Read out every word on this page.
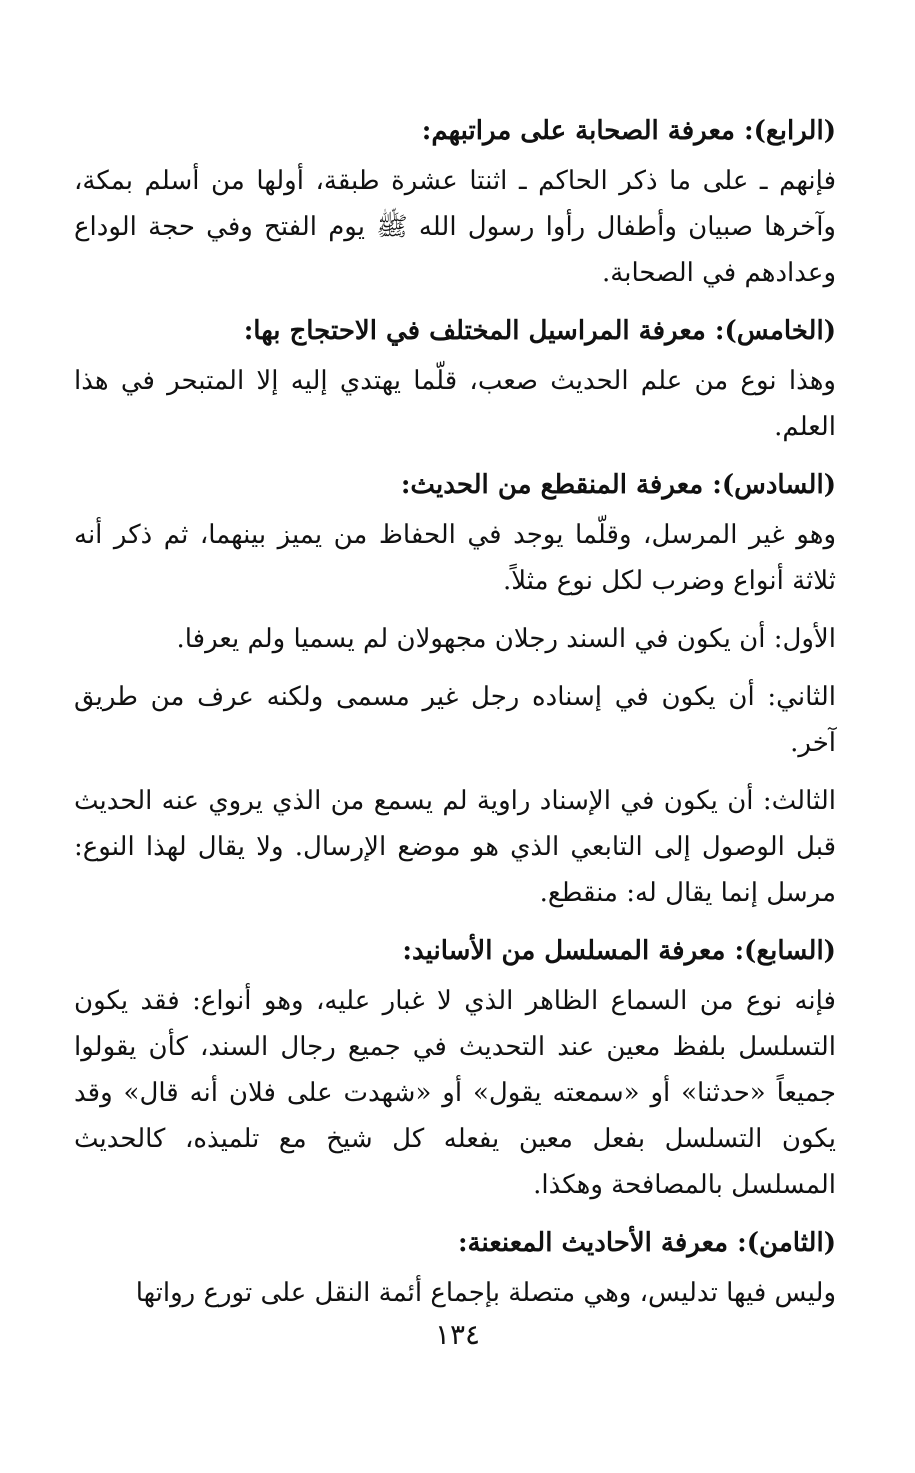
(الرابع): معرفة الصحابة على مراتبهم:

فإنهم ـ على ما ذكر الحاكم ـ اثنتا عشرة طبقة، أولها من أسلم بمكة، وآخرها صبيان وأطفال رأوا رسول الله ﷺ يوم الفتح وفي حجة الوداع وعدادهم في الصحابة.

(الخامس): معرفة المراسيل المختلف في الاحتجاج بها:

وهذا نوع من علم الحديث صعب، قلّما يهتدي إليه إلا المتبحر في هذا العلم.

(السادس): معرفة المنقطع من الحديث:

وهو غير المرسل، وقلّما يوجد في الحفاظ من يميز بينهما، ثم ذكر أنه ثلاثة أنواع وضرب لكل نوع مثلاً.

الأول: أن يكون في السند رجلان مجهولان لم يسميا ولم يعرفا.

الثاني: أن يكون في إسناده رجل غير مسمى ولكنه عرف من طريق آخر.

الثالث: أن يكون في الإسناد راوية لم يسمع من الذي يروي عنه الحديث قبل الوصول إلى التابعي الذي هو موضع الإرسال. ولا يقال لهذا النوع: مرسل إنما يقال له: منقطع.

(السابع): معرفة المسلسل من الأسانيد:

فإنه نوع من السماع الظاهر الذي لا غبار عليه، وهو أنواع: فقد يكون التسلسل بلفظ معين عند التحديث في جميع رجال السند، كأن يقولوا جميعاً «حدثنا» أو «سمعته يقول» أو «شهدت على فلان أنه قال» وقد يكون التسلسل بفعل معين يفعله كل شيخ مع تلميذه، كالحديث المسلسل بالمصافحة وهكذا.

(الثامن): معرفة الأحاديث المعنعنة:

وليس فيها تدليس، وهي متصلة بإجماع أئمة النقل على تورع رواتها

١٣٤
